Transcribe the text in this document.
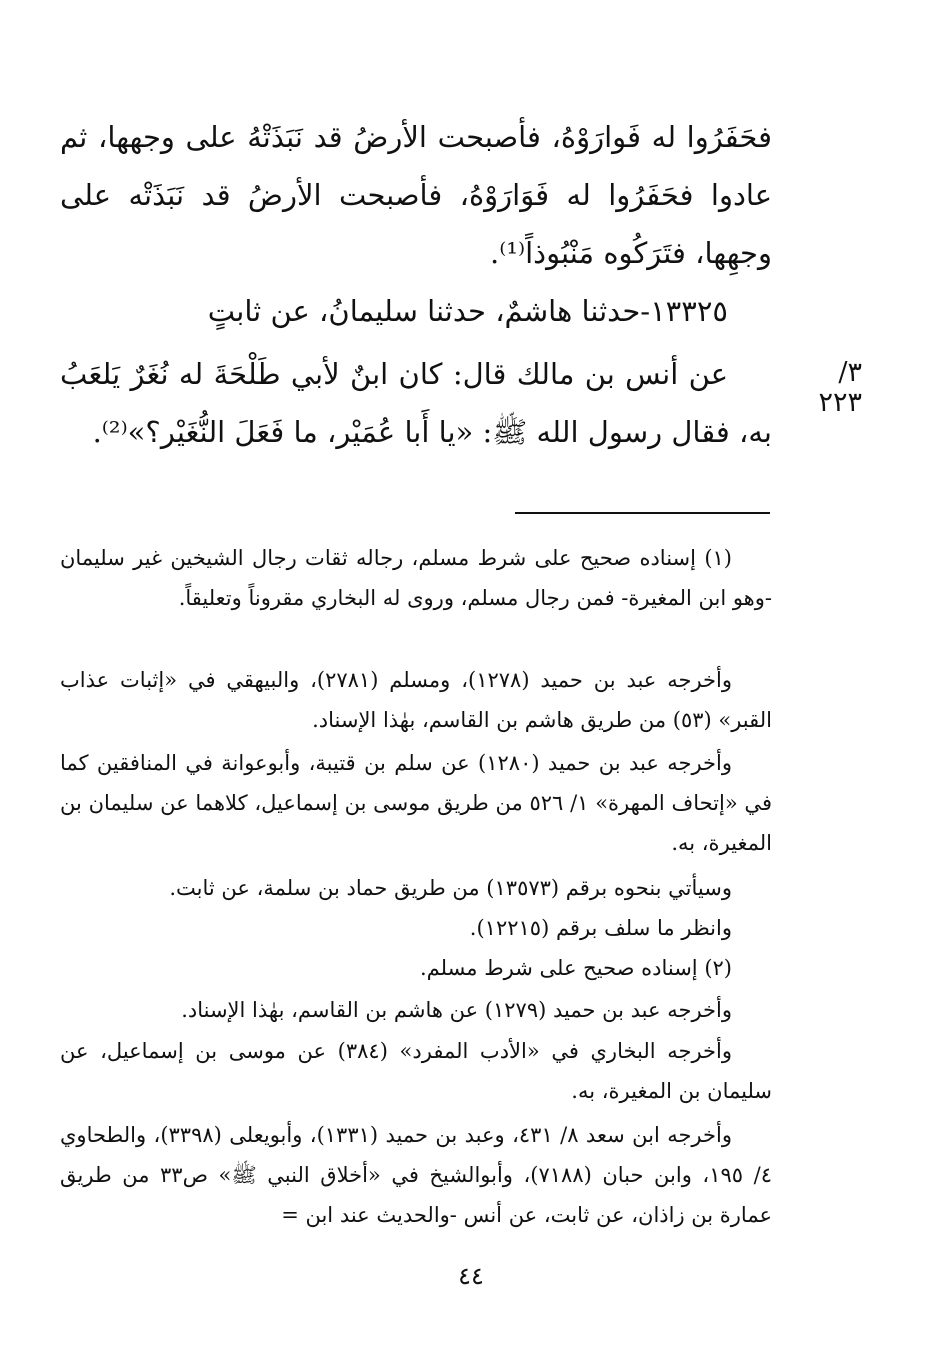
فحَفَرُوا له فَوارَوْهُ، فأصبحت الأرضُ قد نَبَذَتْهُ على وجهها، ثم عادوا فحَفَرُوا له فَوَارَوْهُ، فأصبحت الأرضُ قد نَبَذَتْه على وجهِها، فتَرَكُوه مَنْبُوذاً⁽¹⁾.

١٣٣٢٥-حدثنا هاشمٌ، حدثنا سليمانُ، عن ثابتٍ

٣/ ٢٢٣

عن أنس بن مالك قال: كان ابنٌ لأبي طَلْحَةَ له نُغَرٌ يَلعَبُ به، فقال رسول الله ﷺ: «يا أَبا عُمَيْر، ما فَعَلَ النُّغَيْر؟»⁽²⁾.

(١) إسناده صحيح على شرط مسلم، رجاله ثقات رجال الشيخين غير سليمان -وهو ابن المغيرة- فمن رجال مسلم، وروى له البخاري مقروناً وتعليقاً.

وأخرجه عبد بن حميد (١٢٧٨)، ومسلم (٢٧٨١)، والبيهقي في «إثبات عذاب القبر» (٥٣) من طريق هاشم بن القاسم، بهٰذا الإسناد.

وأخرجه عبد بن حميد (١٢٨٠) عن سلم بن قتيبة، وأبوعوانة في المنافقين كما في «إتحاف المهرة» ١/ ٥٢٦ من طريق موسى بن إسماعيل، كلاهما عن سليمان بن المغيرة، به.

وسيأتي بنحوه برقم (١٣٥٧٣) من طريق حماد بن سلمة، عن ثابت.

وانظر ما سلف برقم (١٢٢١٥).

(٢) إسناده صحيح على شرط مسلم.

وأخرجه عبد بن حميد (١٢٧٩) عن هاشم بن القاسم، بهٰذا الإسناد.

وأخرجه البخاري في «الأدب المفرد» (٣٨٤) عن موسى بن إسماعيل، عن سليمان بن المغيرة، به.

وأخرجه ابن سعد ٨/ ٤٣١، وعبد بن حميد (١٣٣١)، وأبويعلى (٣٣٩٨)، والطحاوي ٤/ ١٩٥، وابن حبان (٧١٨٨)، وأبوالشيخ في «أخلاق النبي ﷺ» ص٣٣ من طريق عمارة بن زاذان، عن ثابت، عن أنس -والحديث عند ابن =

٤٤
